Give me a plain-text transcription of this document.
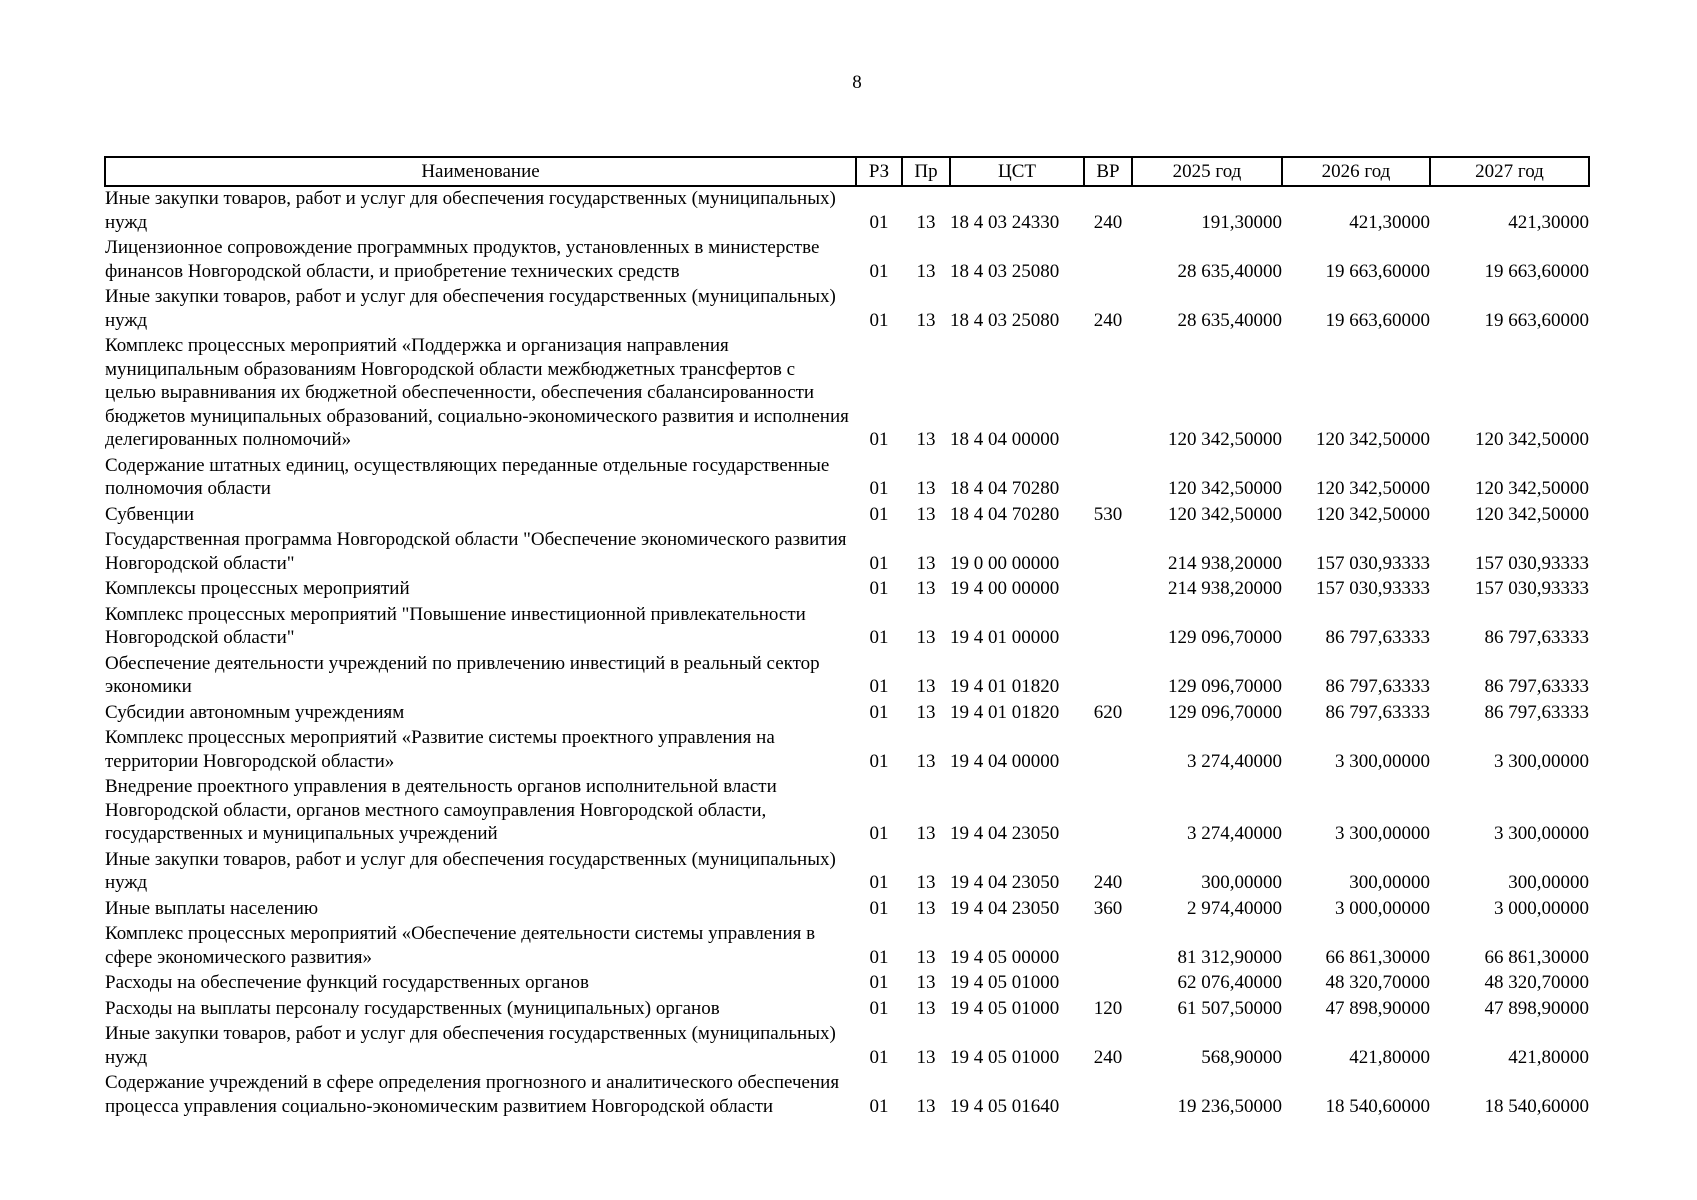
8
Наименование	РЗ	Пр	ЦСТ	ВР	2025 год	2026 год	2027 год
Иные закупки товаров, работ и услуг для обеспечения государственных (муниципальных) нужд	01	13	18 4 03 24330	240	191,30000	421,30000	421,30000
Лицензионное сопровождение программных продуктов, установленных в министерстве финансов Новгородской области, и приобретение технических средств	01	13	18 4 03 25080		28 635,40000	19 663,60000	19 663,60000
Иные закупки товаров, работ и услуг для обеспечения государственных (муниципальных) нужд	01	13	18 4 03 25080	240	28 635,40000	19 663,60000	19 663,60000
Комплекс процессных мероприятий «Поддержка и организация направления муниципальным образованиям Новгородской области межбюджетных трансфертов с целью выравнивания их бюджетной обеспеченности, обеспечения сбалансированности бюджетов муниципальных образований, социально-экономического развития и исполнения делегированных полномочий»	01	13	18 4 04 00000		120 342,50000	120 342,50000	120 342,50000
Содержание штатных единиц, осуществляющих переданные отдельные государственные полномочия области	01	13	18 4 04 70280		120 342,50000	120 342,50000	120 342,50000
Субвенции	01	13	18 4 04 70280	530	120 342,50000	120 342,50000	120 342,50000
Государственная программа Новгородской области "Обеспечение экономического развития Новгородской области"	01	13	19 0 00 00000		214 938,20000	157 030,93333	157 030,93333
Комплексы процессных мероприятий	01	13	19 4 00 00000		214 938,20000	157 030,93333	157 030,93333
Комплекс процессных мероприятий "Повышение инвестиционной привлекательности Новгородской области"	01	13	19 4 01 00000		129 096,70000	86 797,63333	86 797,63333
Обеспечение деятельности учреждений по привлечению инвестиций в реальный сектор экономики	01	13	19 4 01 01820		129 096,70000	86 797,63333	86 797,63333
Субсидии автономным учреждениям	01	13	19 4 01 01820	620	129 096,70000	86 797,63333	86 797,63333
Комплекс процессных мероприятий «Развитие системы проектного управления на территории Новгородской области»	01	13	19 4 04 00000		3 274,40000	3 300,00000	3 300,00000
Внедрение проектного управления в деятельность органов исполнительной власти Новгородской области, органов местного самоуправления Новгородской области, государственных и муниципальных учреждений	01	13	19 4 04 23050		3 274,40000	3 300,00000	3 300,00000
Иные закупки товаров, работ и услуг для обеспечения государственных (муниципальных) нужд	01	13	19 4 04 23050	240	300,00000	300,00000	300,00000
Иные выплаты населению	01	13	19 4 04 23050	360	2 974,40000	3 000,00000	3 000,00000
Комплекс процессных мероприятий «Обеспечение деятельности системы управления в сфере экономического развития»	01	13	19 4 05 00000		81 312,90000	66 861,30000	66 861,30000
Расходы на обеспечение функций государственных органов	01	13	19 4 05 01000		62 076,40000	48 320,70000	48 320,70000
Расходы на выплаты персоналу государственных (муниципальных) органов	01	13	19 4 05 01000	120	61 507,50000	47 898,90000	47 898,90000
Иные закупки товаров, работ и услуг для обеспечения государственных (муниципальных) нужд	01	13	19 4 05 01000	240	568,90000	421,80000	421,80000
Содержание учреждений в сфере определения прогнозного и аналитического обеспечения процесса управления социально-экономическим развитием Новгородской области	01	13	19 4 05 01640		19 236,50000	18 540,60000	18 540,60000
